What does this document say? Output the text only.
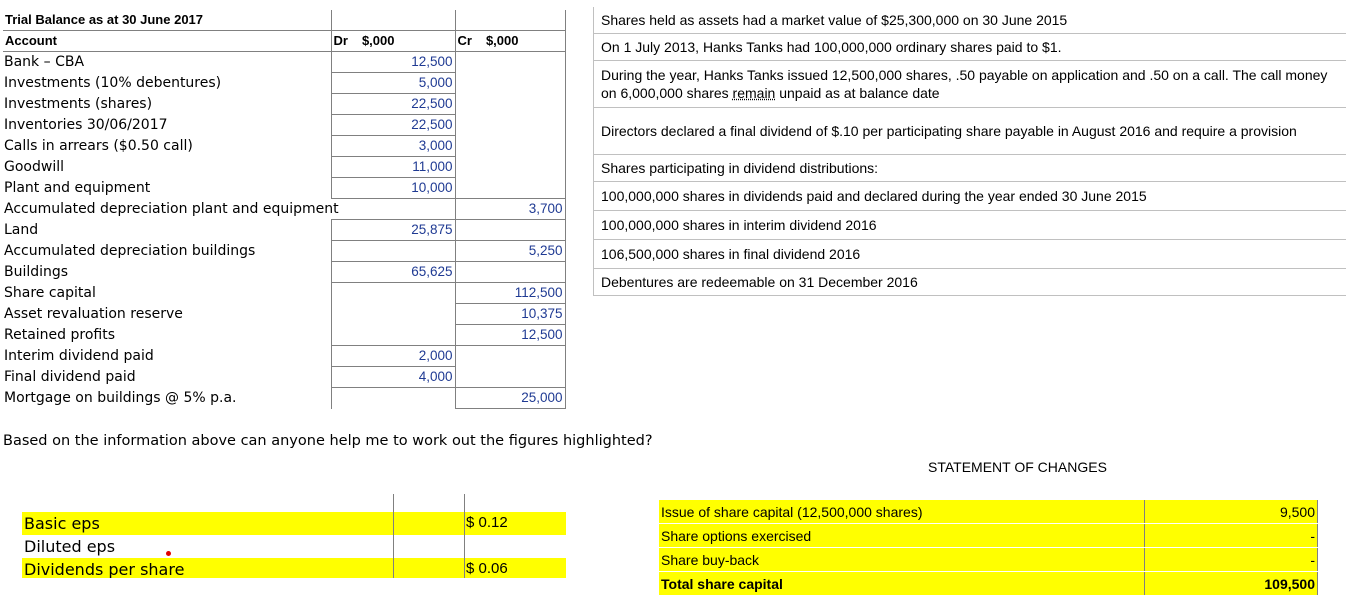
Trial Balance as at 30 June 2017		
Account	Dr $,000	Cr $,000

Bank – CBA	12,500	
Investments (10% debentures)	5,000	
Investments (shares)	22,500	
Inventories 30/06/2017	22,500	
Calls in arrears ($0.50 call)	3,000	
Goodwill	11,000	
Plant and equipment	10,000	
Accumulated depreciation plant and equipment		3,700
Land	25,875	
Accumulated depreciation buildings		5,250
Buildings	65,625	
Share capital		112,500
Asset revaluation reserve		10,375
Retained profits		12,500
Interim dividend paid	2,000	
Final dividend paid	4,000	
Mortgage on buildings @ 5% p.a.		25,000
Shares held as assets had a market value of $25,300,000 on 30 June 2015
On 1 July 2013, Hanks Tanks had 100,000,000 ordinary shares paid to $1.
During the year, Hanks Tanks issued 12,500,000 shares, .50 payable on application and .50 on a call. The call money on 6,000,000 shares remain unpaid as at balance date
Directors declared a final dividend of $.10 per participating share payable in August 2016 and require a provision
Shares participating in dividend distributions:
100,000,000 shares in dividends paid and declared during the year ended 30 June 2015
100,000,000 shares in interim dividend 2016
106,500,000 shares in final dividend 2016
Debentures are redeemable on 31 December 2016
Based on the information above can anyone help me to work out the figures highlighted?
STATEMENT OF CHANGES
Basic eps	$ 0.12
Diluted eps
Dividends per share	$ 0.06
Issue of share capital (12,500,000 shares)	9,500
Share options exercised	-
Share buy-back	-
Total share capital	109,500
